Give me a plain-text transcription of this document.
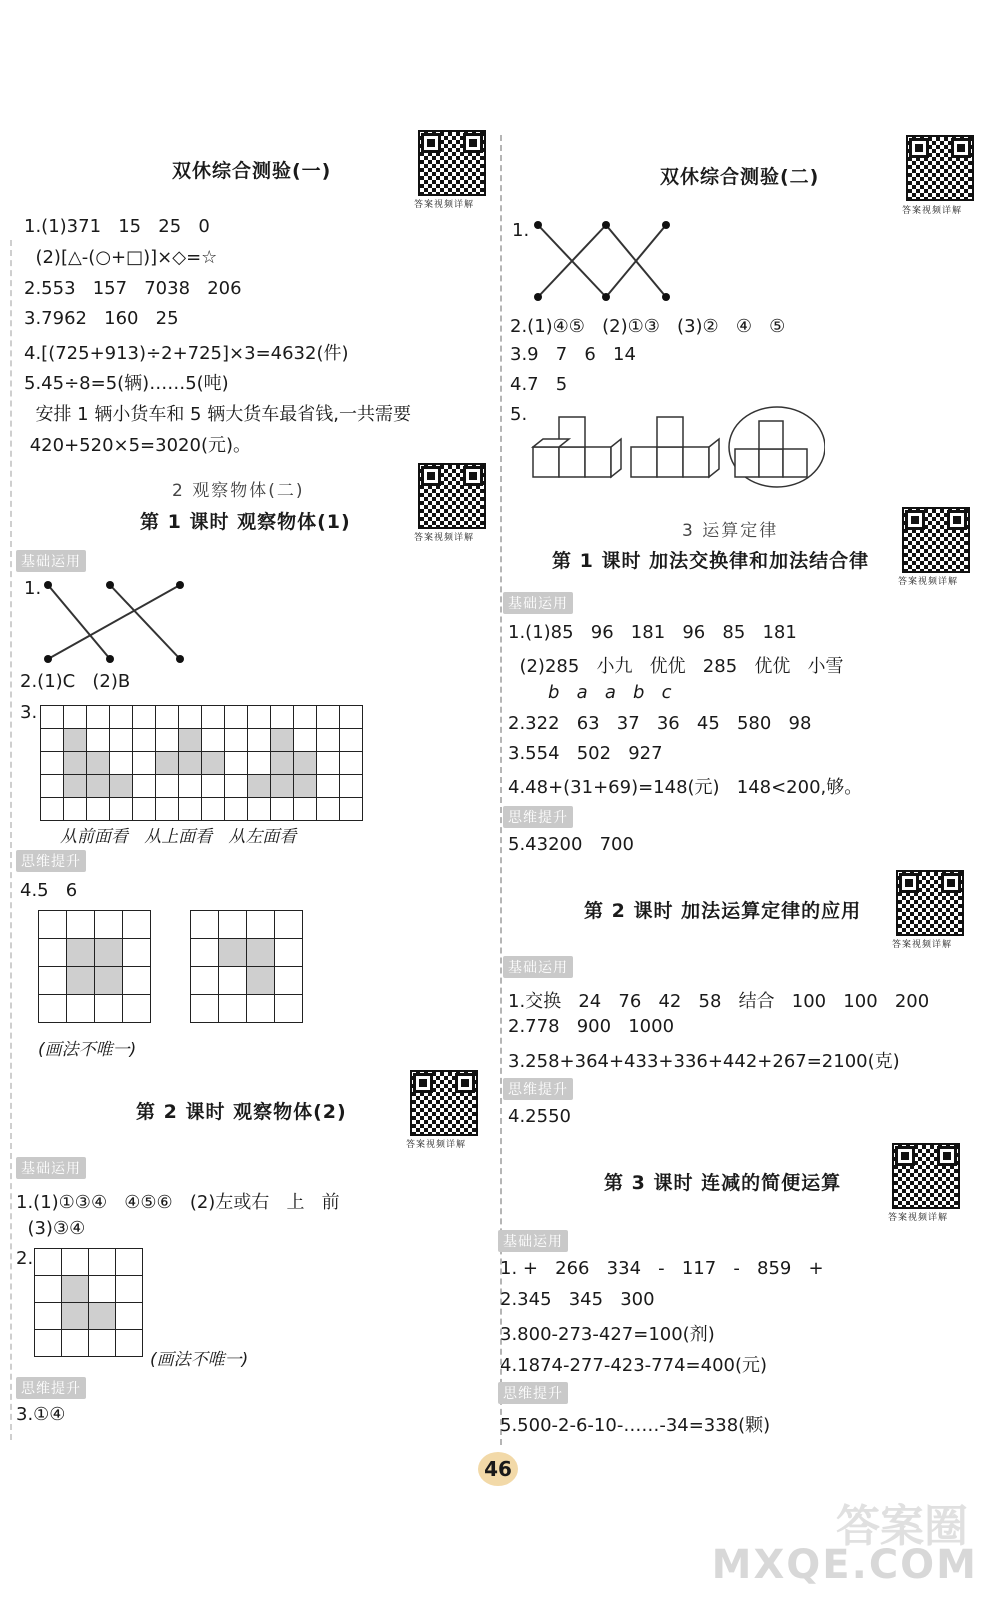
双休综合测验(一)
答案视频详解
1.(1)371   15   25   0
(2)[△-(○+□)]×◇=☆
2.553   157   7038   206
3.7962   160   25
4.[(725+913)÷2+725]×3=4632(件)
5.45÷8=5(辆)……5(吨)
安排 1 辆小货车和 5 辆大货车最省钱,一共需要
420+520×5=3020(元)。
2 观察物体(二)
答案视频详解
第 1 课时 观察物体(1)
基础运用
1.
2.(1)C   (2)B
3.

从前面看   从上面看   从左面看
思维提升
4.5   6

(画法不唯一)
第 2 课时 观察物体(2)
答案视频详解
基础运用
1.(1)①③④   ④⑤⑥   (2)左或右   上   前
(3)③④
2.

(画法不唯一)
思维提升
3.①④
双休综合测验(二)
答案视频详解
1.
2.(1)④⑤   (2)①③   (3)②   ④   ⑤
3.9   7   6   14
4.7   5
5.
3 运算定律
答案视频详解
第 1 课时 加法交换律和加法结合律
基础运用
1.(1)85   96   181   96   85   181
(2)285   小九   优优   285   优优   小雪
b   a   a   b   c
2.322   63   37   36   45   580   98
3.554   502   927
4.48+(31+69)=148(元)   148<200,够。
思维提升
5.43200   700
第 2 课时 加法运算定律的应用
答案视频详解
基础运用
1.交换   24   76   42   58   结合   100   100   200
2.778   900   1000
3.258+364+433+336+442+267=2100(克)
思维提升
4.2550
第 3 课时 连减的简便运算
答案视频详解
基础运用
1. +   266   334   -   117   -   859   +
2.345   345   300
3.800-273-427=100(剂)
4.1874-277-423-774=400(元)
思维提升
5.500-2-6-10-……-34=338(颗)
46
答案圈
MXQE.COM
